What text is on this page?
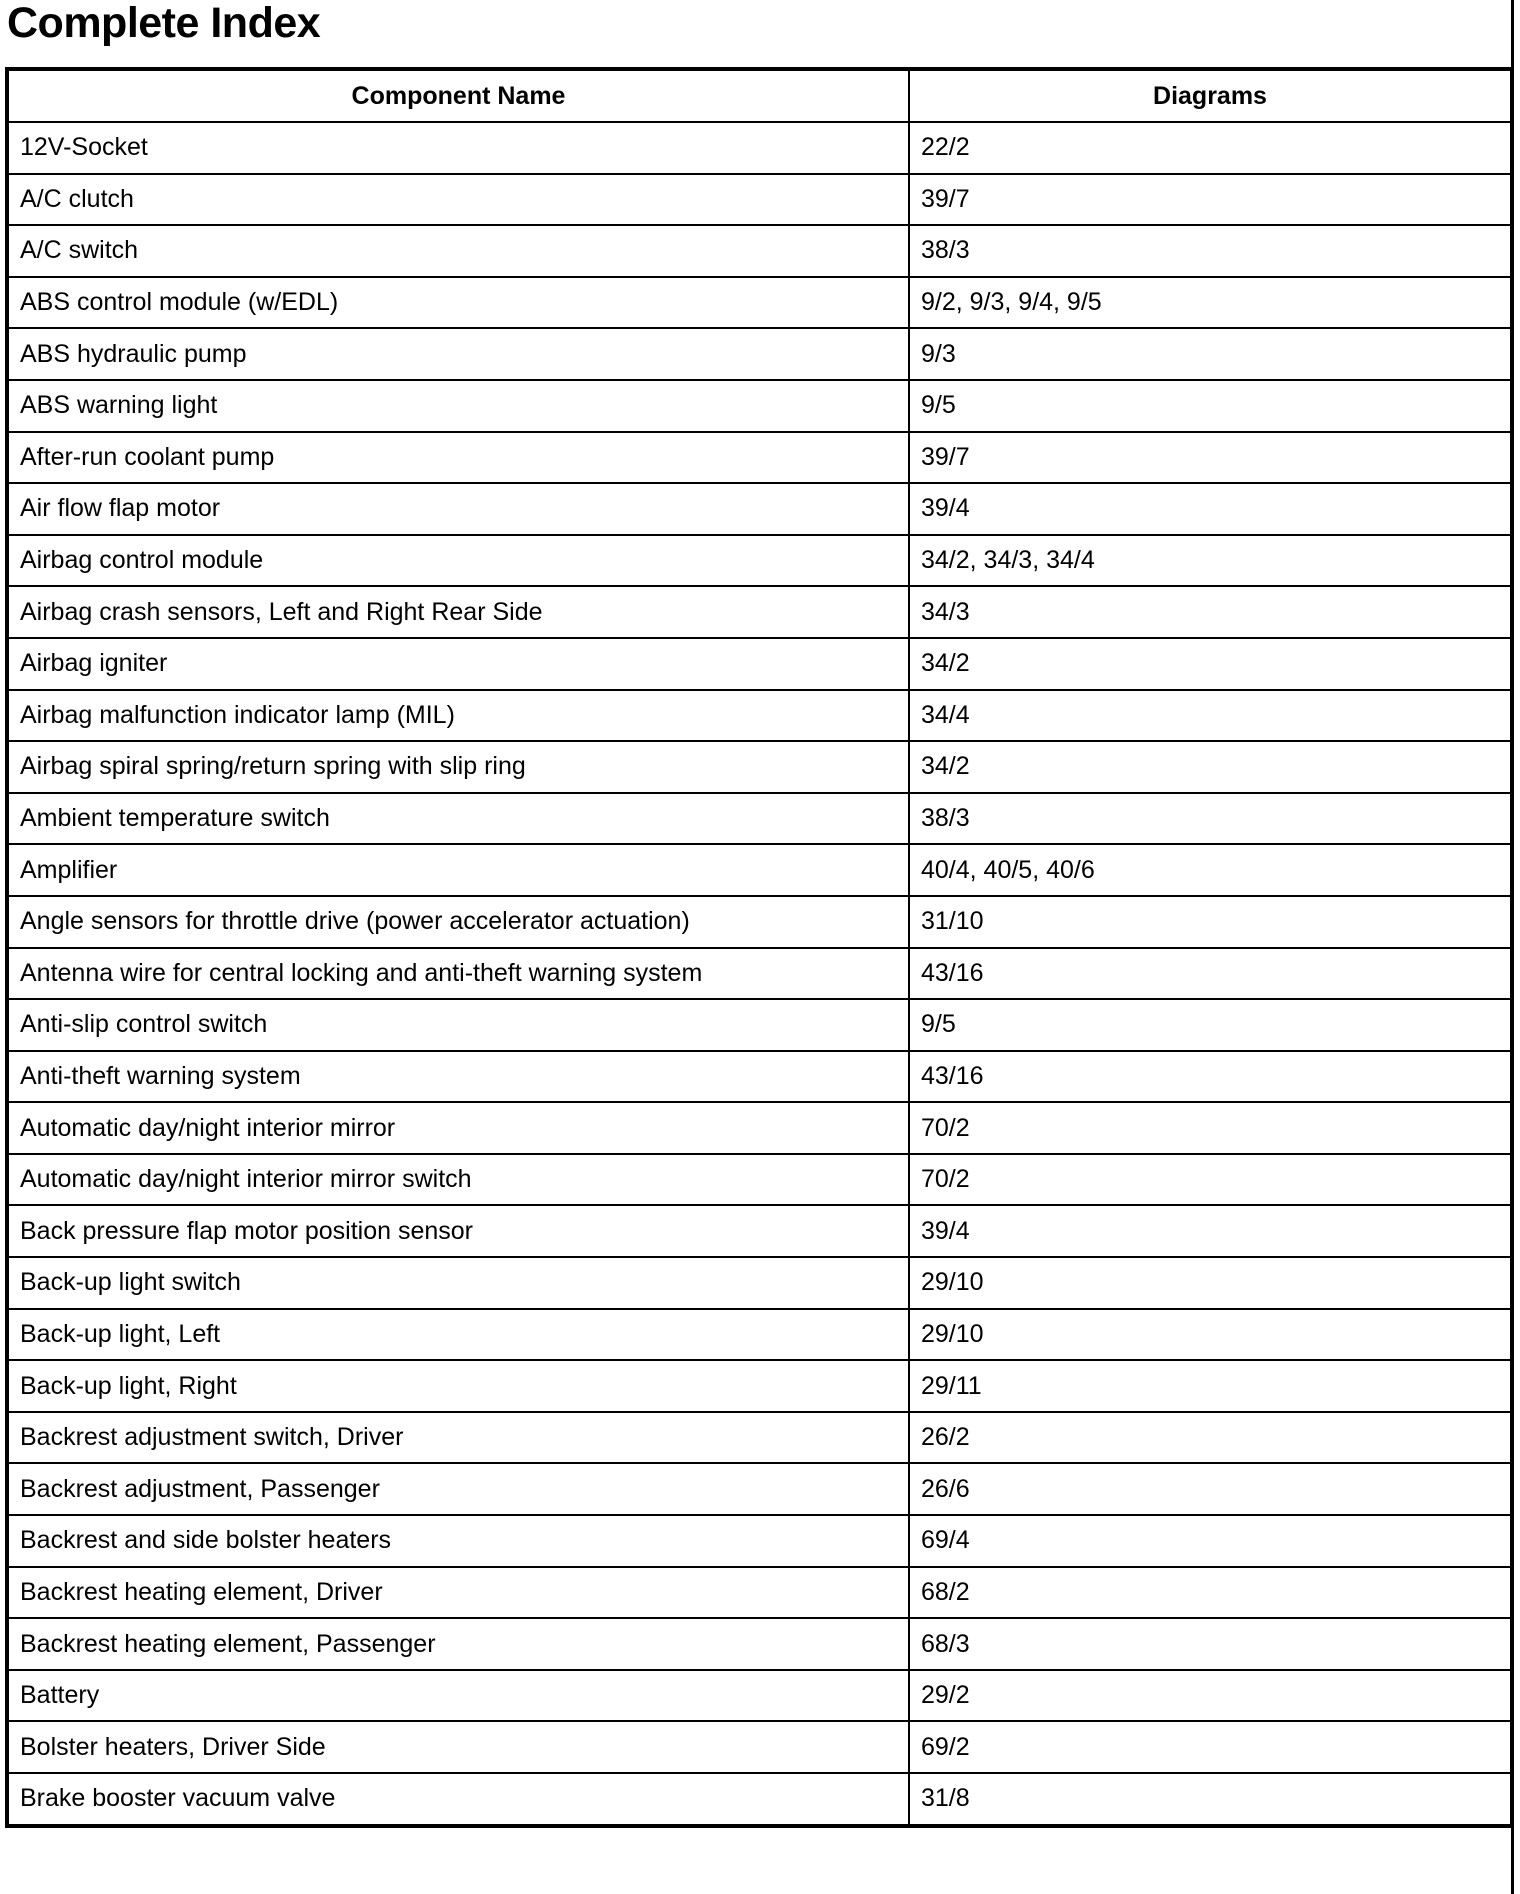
Complete Index
Component Name	Diagrams
12V-Socket	22/2
A/C clutch	39/7
A/C switch	38/3
ABS control module (w/EDL)	9/2, 9/3, 9/4, 9/5
ABS hydraulic pump	9/3
ABS warning light	9/5
After-run coolant pump	39/7
Air flow flap motor	39/4
Airbag control module	34/2, 34/3, 34/4
Airbag crash sensors, Left and Right Rear Side	34/3
Airbag igniter	34/2
Airbag malfunction indicator lamp (MIL)	34/4
Airbag spiral spring/return spring with slip ring	34/2
Ambient temperature switch	38/3
Amplifier	40/4, 40/5, 40/6
Angle sensors for throttle drive (power accelerator actuation)	31/10
Antenna wire for central locking and anti-theft warning system	43/16
Anti-slip control switch	9/5
Anti-theft warning system	43/16
Automatic day/night interior mirror	70/2
Automatic day/night interior mirror switch	70/2
Back pressure flap motor position sensor	39/4
Back-up light switch	29/10
Back-up light, Left	29/10
Back-up light, Right	29/11
Backrest adjustment switch, Driver	26/2
Backrest adjustment, Passenger	26/6
Backrest and side bolster heaters	69/4
Backrest heating element, Driver	68/2
Backrest heating element, Passenger	68/3
Battery	29/2
Bolster heaters, Driver Side	69/2
Brake booster vacuum valve	31/8
